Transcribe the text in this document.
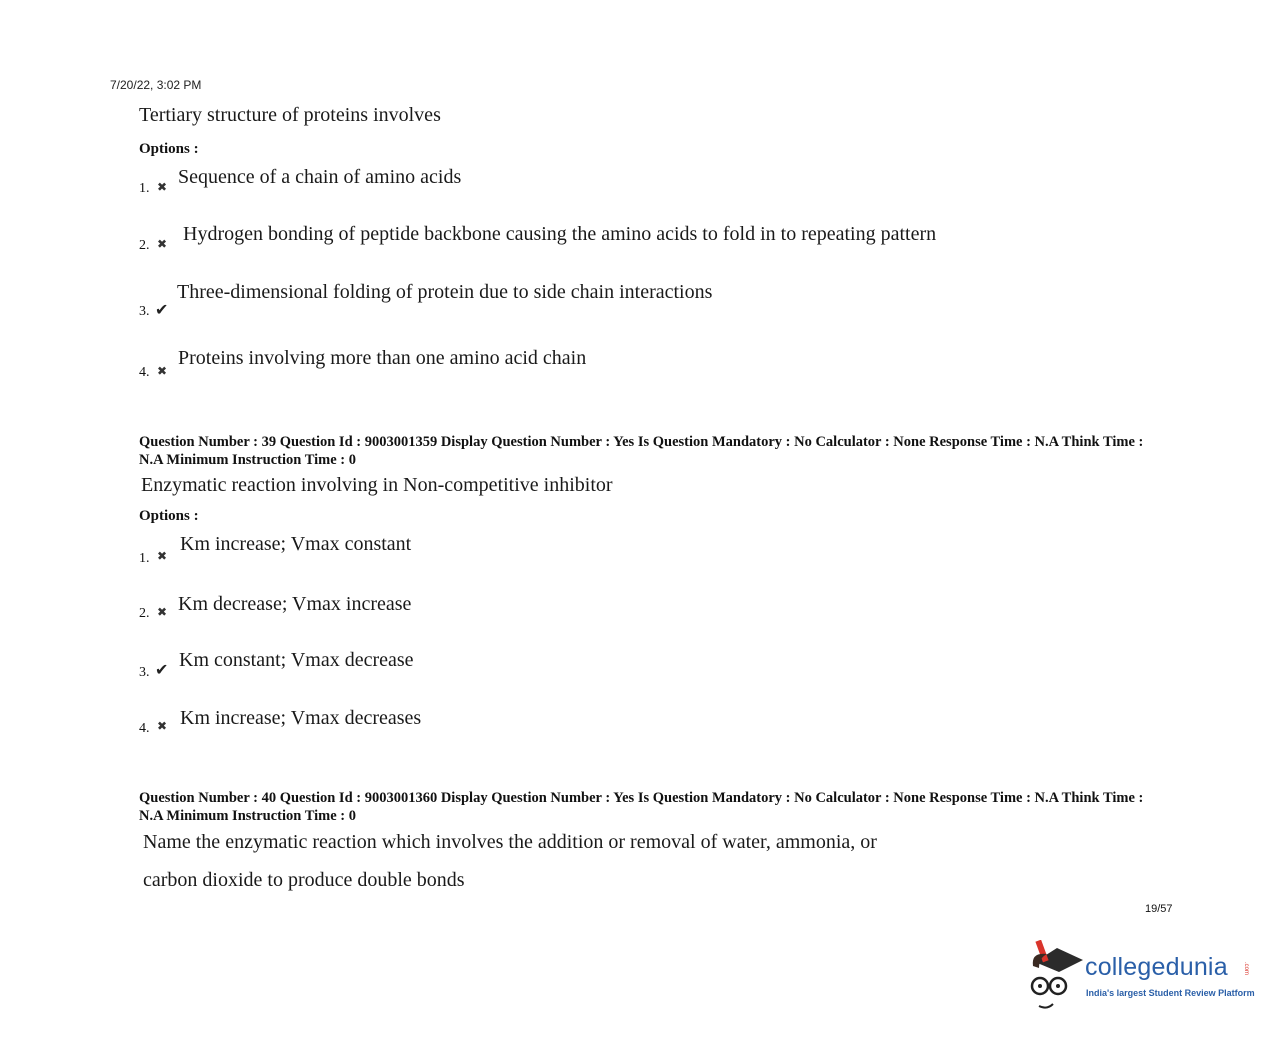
7/20/22, 3:02 PM
Tertiary structure of proteins involves
Options :
1. ✖ Sequence of a chain of amino acids
2. ✖ Hydrogen bonding of peptide backbone causing the amino acids to fold in to repeating pattern
3. ✔
Three-dimensional folding of protein due to side chain interactions
4. ✖
Proteins involving more than one amino acid chain
Question Number : 39 Question Id : 9003001359 Display Question Number : Yes Is Question Mandatory : No Calculator : None Response Time : N.A Think Time : N.A Minimum Instruction Time : 0
Enzymatic reaction involving in Non-competitive inhibitor
Options :
1. ✖
Km increase; Vmax constant
2. ✖ Km decrease; Vmax increase
3. ✔ Km constant; Vmax decrease
4. ✖ Km increase; Vmax decreases
Question Number : 40 Question Id : 9003001360 Display Question Number : Yes Is Question Mandatory : No Calculator : None Response Time : N.A Think Time : N.A Minimum Instruction Time : 0
Name the enzymatic reaction which involves the addition or removal of water, ammonia, or
carbon dioxide to produce double bonds
19/57
collegedunia	.com
India's largest Student Review Platform
